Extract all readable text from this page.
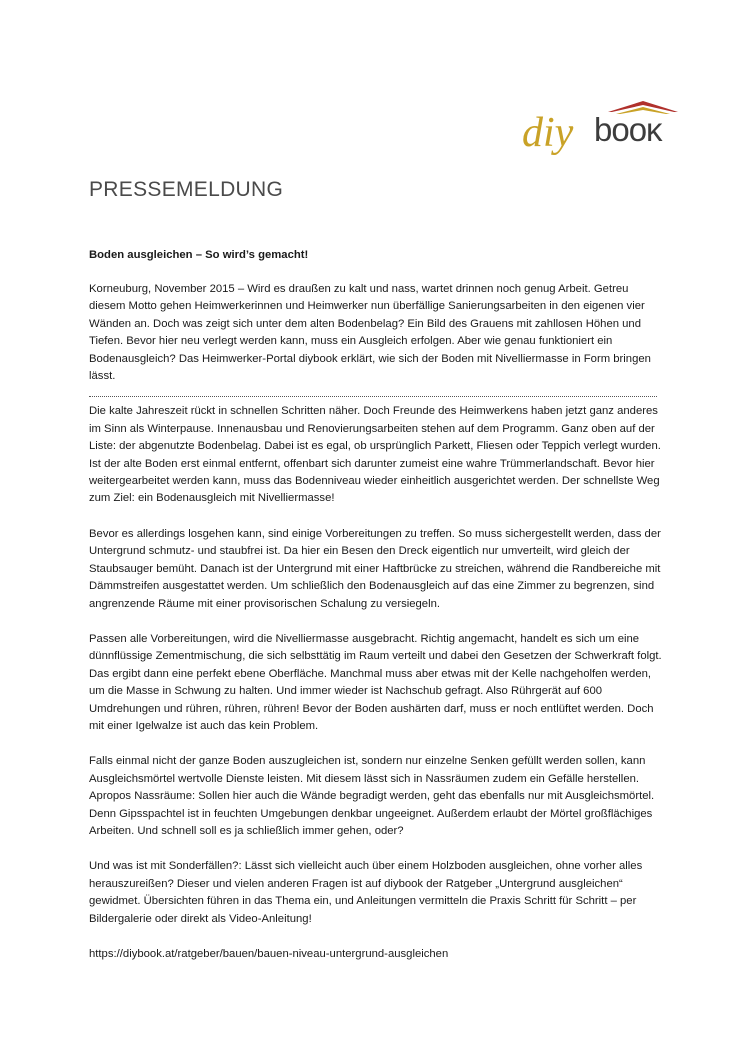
diy bοοκ
PRESSEMELDUNG

Boden ausgleichen – So wird’s gemacht!

Korneuburg, November 2015 – Wird es draußen zu kalt und nass, wartet drinnen noch genug Arbeit. Getreu diesem Motto gehen Heimwerkerinnen und Heimwerker nun überfällige Sanierungsarbeiten in den eigenen vier Wänden an. Doch was zeigt sich unter dem alten Bodenbelag? Ein Bild des Grauens mit zahllosen Höhen und Tiefen. Bevor hier neu verlegt werden kann, muss ein Ausgleich erfolgen. Aber wie genau funktioniert ein Bodenausgleich? Das Heimwerker-Portal diybook erklärt, wie sich der Boden mit Nivelliermasse in Form bringen lässt.

Die kalte Jahreszeit rückt in schnellen Schritten näher. Doch Freunde des Heimwerkens haben jetzt ganz anderes im Sinn als Winterpause. Innenausbau und Renovierungsarbeiten stehen auf dem Programm. Ganz oben auf der Liste: der abgenutzte Bodenbelag. Dabei ist es egal, ob ursprünglich Parkett, Fliesen oder Teppich verlegt wurden. Ist der alte Boden erst einmal entfernt, offenbart sich darunter zumeist eine wahre Trümmerlandschaft. Bevor hier weitergearbeitet werden kann, muss das Bodenniveau wieder einheitlich ausgerichtet werden. Der schnellste Weg zum Ziel: ein Bodenausgleich mit Nivelliermasse!

Bevor es allerdings losgehen kann, sind einige Vorbereitungen zu treffen. So muss sichergestellt werden, dass der Untergrund schmutz- und staubfrei ist. Da hier ein Besen den Dreck eigentlich nur umverteilt, wird gleich der Staubsauger bemüht. Danach ist der Untergrund mit einer Haftbrücke zu streichen, während die Randbereiche mit Dämmstreifen ausgestattet werden. Um schließlich den Bodenausgleich auf das eine Zimmer zu begrenzen, sind angrenzende Räume mit einer provisorischen Schalung zu versiegeln.

Passen alle Vorbereitungen, wird die Nivelliermasse ausgebracht. Richtig angemacht, handelt es sich um eine dünnflüssige Zementmischung, die sich selbsttätig im Raum verteilt und dabei den Gesetzen der Schwerkraft folgt. Das ergibt dann eine perfekt ebene Oberfläche. Manchmal muss aber etwas mit der Kelle nachgeholfen werden, um die Masse in Schwung zu halten. Und immer wieder ist Nachschub gefragt. Also Rührgerät auf 600 Umdrehungen und rühren, rühren, rühren! Bevor der Boden aushärten darf, muss er noch entlüftet werden. Doch mit einer Igelwalze ist auch das kein Problem.

Falls einmal nicht der ganze Boden auszugleichen ist, sondern nur einzelne Senken gefüllt werden sollen, kann Ausgleichsmörtel wertvolle Dienste leisten. Mit diesem lässt sich in Nassräumen zudem ein Gefälle herstellen. Apropos Nassräume: Sollen hier auch die Wände begradigt werden, geht das ebenfalls nur mit Ausgleichsmörtel. Denn Gipsspachtel ist in feuchten Umgebungen denkbar ungeeignet. Außerdem erlaubt der Mörtel großflächiges Arbeiten. Und schnell soll es ja schließlich immer gehen, oder?

Und was ist mit Sonderfällen?: Lässt sich vielleicht auch über einem Holzboden ausgleichen, ohne vorher alles herauszureißen? Dieser und vielen anderen Fragen ist auf diybook der Ratgeber „Untergrund ausgleichen“ gewidmet. Übersichten führen in das Thema ein, und Anleitungen vermitteln die Praxis Schritt für Schritt – per Bildergalerie oder direkt als Video-Anleitung!

https://diybook.at/ratgeber/bauen/bauen-niveau-untergrund-ausgleichen
